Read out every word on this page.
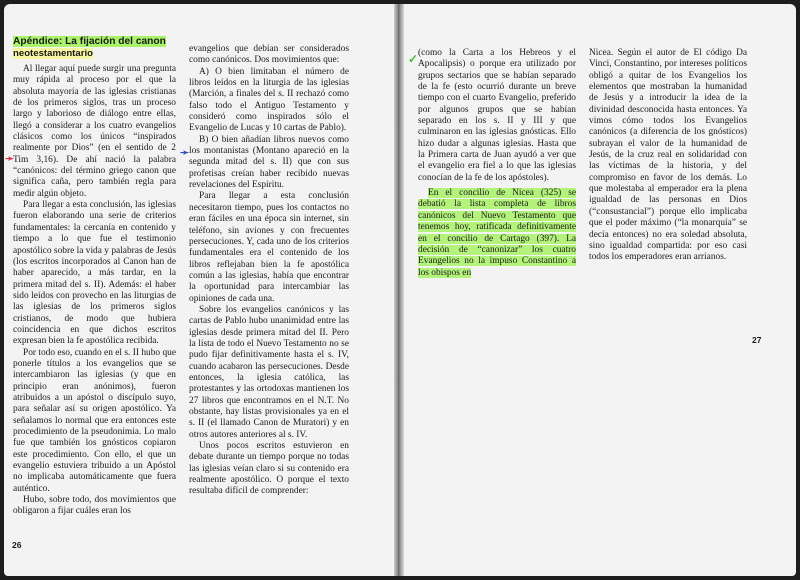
Apéndice: La fijación del canon
neotestamentario

Al llegar aquí puede surgir una pregunta muy rápida al proceso por el que la absoluta mayoría de las iglesias cristianas de los primeros siglos, tras un proceso largo y laborioso de diálogo entre ellas, llegó a considerar a los cuatro evangelios clásicos como los únicos “inspirados realmente por Dios” (en el sentido de 2 Tim 3,16). De ahí nació la palabra “canónicos: del término griego canon que significa caña, pero también regla para medir algún objeto.

Para llegar a esta conclusión, las iglesias fueron elaborando una serie de criterios fundamentales: la cercanía en contenido y tiempo a lo que fue el testimonio apostólico sobre la vida y palabras de Jesús (los escritos incorporados al Canon han de haber aparecido, a más tardar, en la primera mitad del s. II). Además: el haber sido leídos con provecho en las liturgias de las iglesias de los primeros siglos cristianos, de modo que hubiera coincidencia en que dichos escritos expresan bien la fe apostólica recibida.

Por todo eso, cuando en el s. II hubo que ponerle títulos a los evangelios que se intercambiaron las iglesias (y que en principio eran anónimos), fueron atribuidos a un apóstol o discípulo suyo, para señalar así su origen apostólico. Ya señalamos lo normal que era entonces este procedimiento de la pseudonimia. Lo malo fue que también los gnósticos copiaron este procedimiento. Con ello, el que un evangelio estuviera tribuido a un Apóstol no implicaba automáticamente que fuera auténtico.

Hubo, sobre todo, dos movimientos que obligaron a fijar cuáles eran los

evangelios que debían ser considerados como canónicos. Dos movimientos que:

A) O bien limitaban el número de libros leídos en la liturgia de las iglesias (Marción, a finales del s. II rechazó como falso todo el Antiguo Testamento y consideró como inspirados sólo el Evangelio de Lucas y 10 cartas de Pablo).

B) O bien añadían libros nuevos como los montanistas (Montano apareció en la segunda mitad del s. II) que con sus profetisas creían haber recibido nuevas revelaciones del Espíritu.

Para llegar a esta conclusión necesitaron tiempo, pues los contactos no eran fáciles en una época sin internet, sin teléfono, sin aviones y con frecuentes persecuciones. Y, cada uno de los criterios fundamentales era el contenido de los libros reflejaban bien la fe apostólica común a las iglesias, había que encontrar la oportunidad para intercambiar las opiniones de cada una.

Sobre los evangelios canónicos y las cartas de Pablo hubo unanimidad entre las iglesias desde primera mitad del II. Pero la lista de todo el Nuevo Testamento no se pudo fijar definitivamente hasta el s. IV, cuando acabaron las persecuciones. Desde entonces, la iglesia católica, las protestantes y las ortodoxas mantienen los 27 libros que encontramos en el N.T. No obstante, hay listas provisionales ya en el s. II (el llamado Canon de Muratori) y en otros autores anteriores al s. IV.

Unos pocos escritos estuvieron en debate durante un tiempo porque no todas las iglesias veían claro si su contenido era realmente apostólico. O porque el texto resultaba difícil de comprender:

26

(como la Carta a los Hebreos y el Apocalipsis) o porque era utilizado por grupos sectarios que se habían separado de la fe (esto ocurrió durante un breve tiempo con el cuarto Evangelio, preferido por algunos grupos que se habían separado en los s. II y III y que culminaron en las iglesias gnósticas. Ello hizo dudar a algunas iglesias. Hasta que la Primera carta de Juan ayudó a ver que el evangelio era fiel a lo que las iglesias conocían de la fe de los apóstoles).

En el concilio de Nicea (325) se debatió la lista completa de libros canónicos del Nuevo Testamento que tenemos hoy, ratificada definitivamente en el concilio de Cartago (397). La decisión de “canonizar” los cuatro Evangelios no la impuso Constantino a los obispos en

Nicea. Según el autor de El código Da Vinci, Constantino, por intereses políticos obligó a quitar de los Evangelios los elementos que mostraban la humanidad de Jesús y a introducir la idea de la divinidad desconocida hasta entonces. Ya vimos cómo todos los Evangelios canónicos (a diferencia de los gnósticos) subrayan el valor de la humanidad de Jesús, de la cruz real en solidaridad con las víctimas de la historia, y del compromiso en favor de los demás. Lo que molestaba al emperador era la plena igualdad de las personas en Dios (“consustancial”) porque ello implicaba que el poder máximo (“la monarquía” se decía entonces) no era soledad absoluta, sino igualdad compartida: por eso casi todos los emperadores eran arrianos.

27
✓
➛	➛
